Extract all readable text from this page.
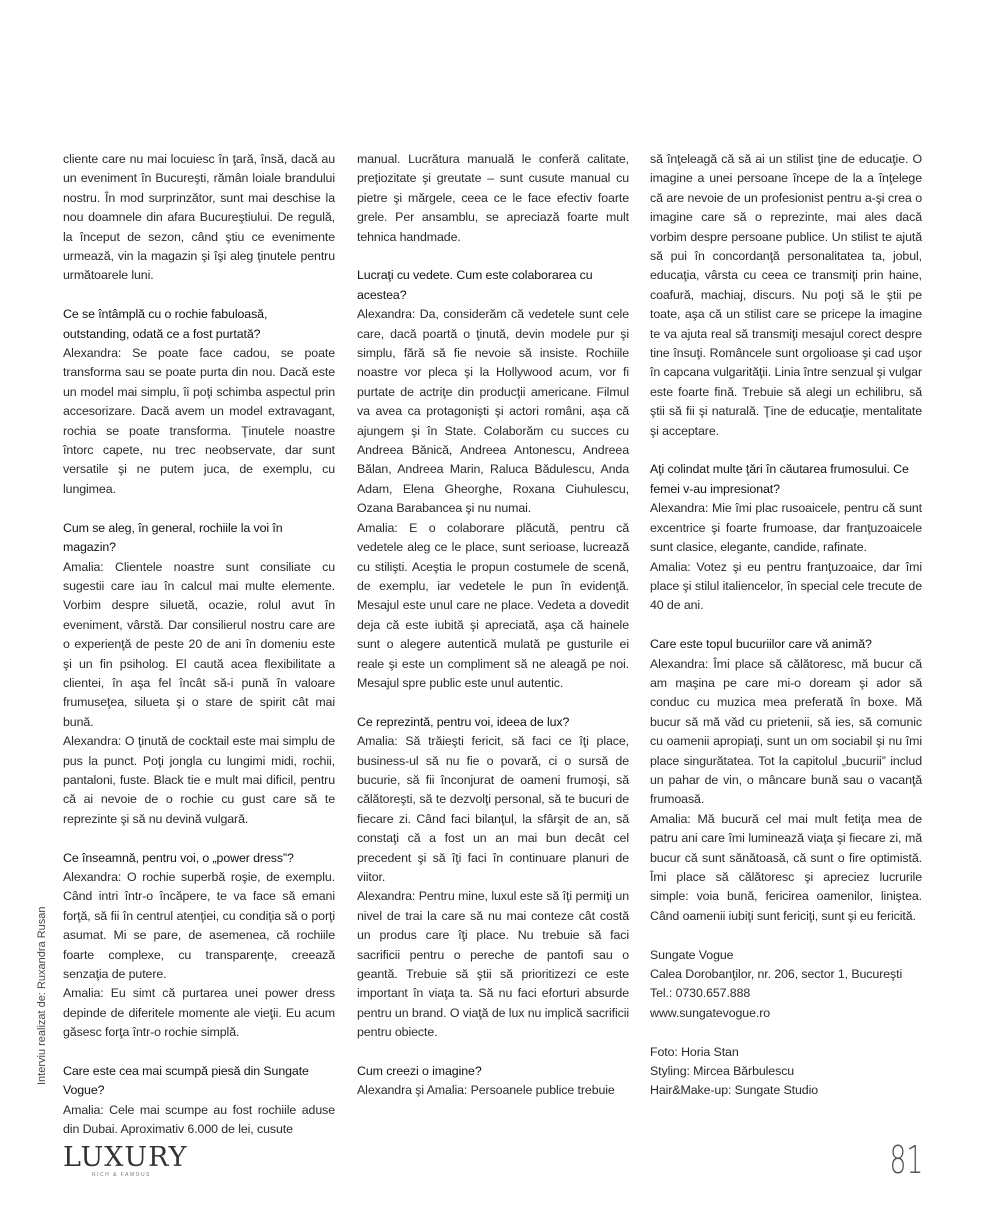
cliente care nu mai locuiesc în ţară, însă, dacă au un eveniment în Bucureşti, rămân loiale brandului nostru. În mod surprinzător, sunt mai deschise la nou doamnele din afara Bucureştiului. De regulă, la început de sezon, când ştiu ce evenimente urmează, vin la magazin şi îşi aleg ţinutele pentru următoarele luni.

Ce se întâmplă cu o rochie fabuloasă, outstanding, odată ce a fost purtată?

Alexandra: Se poate face cadou, se poate transforma sau se poate purta din nou. Dacă este un model mai simplu, îi poţi schimba aspectul prin accesorizare. Dacă avem un model extravagant, rochia se poate transforma. Ţinutele noastre întorc capete, nu trec neobservate, dar sunt versatile şi ne putem juca, de exemplu, cu lungimea.

Cum se aleg, în general, rochiile la voi în magazin?

Amalia: Clientele noastre sunt consiliate cu sugestii care iau în calcul mai multe elemente. Vorbim despre siluetă, ocazie, rolul avut în eveniment, vârstă. Dar consilierul nostru care are o experienţă de peste 20 de ani în domeniu este şi un fin psiholog. El caută acea flexibilitate a clientei, în aşa fel încât să-i pună în valoare frumuseţea, silueta şi o stare de spirit cât mai bună.

Alexandra: O ţinută de cocktail este mai simplu de pus la punct. Poţi jongla cu lungimi midi, rochii, pantaloni, fuste. Black tie e mult mai dificil, pentru că ai nevoie de o rochie cu gust care să te reprezinte şi să nu devină vulgară.

Ce înseamnă, pentru voi, o „power dress”?

Alexandra: O rochie superbă roşie, de exemplu. Când intri într-o încăpere, te va face să emani forţă, să fii în centrul atenţiei, cu condiţia să o porţi asumat. Mi se pare, de asemenea, că rochiile foarte complexe, cu transparenţe, creează senzaţia de putere.

Amalia: Eu simt că purtarea unei power dress depinde de diferitele momente ale vieţii. Eu acum găsesc forţa într-o rochie simplă.

Care este cea mai scumpă piesă din Sungate Vogue?

Amalia: Cele mai scumpe au fost rochiile aduse din Dubai. Aproximativ 6.000 de lei, cusute

manual. Lucrătura manuală le conferă calitate, preţiozitate şi greutate – sunt cusute manual cu pietre şi mărgele, ceea ce le face efectiv foarte grele. Per ansamblu, se apreciază foarte mult tehnica handmade.

Lucraţi cu vedete. Cum este colaborarea cu acestea?

Alexandra: Da, considerăm că vedetele sunt cele care, dacă poartă o ţinută, devin modele pur şi simplu, fără să fie nevoie să insiste. Rochiile noastre vor pleca şi la Hollywood acum, vor fi purtate de actriţe din producţii americane. Filmul va avea ca protagonişti şi actori români, aşa că ajungem şi în State. Colaborăm cu succes cu Andreea Bănică, Andreea Antonescu, Andreea Bălan, Andreea Marin, Raluca Bădulescu, Anda Adam, Elena Gheorghe, Roxana Ciuhulescu, Ozana Barabancea şi nu numai.

Amalia: E o colaborare plăcută, pentru că vedetele aleg ce le place, sunt serioase, lucrează cu stilişti. Aceştia le propun costumele de scenă, de exemplu, iar vedetele le pun în evidenţă. Mesajul este unul care ne place. Vedeta a dovedit deja că este iubită şi apreciată, aşa că hainele sunt o alegere autentică mulată pe gusturile ei reale şi este un compliment să ne aleagă pe noi. Mesajul spre public este unul autentic.

Ce reprezintă, pentru voi, ideea de lux?

Amalia: Să trăieşti fericit, să faci ce îţi place, business-ul să nu fie o povară, ci o sursă de bucurie, să fii înconjurat de oameni frumoşi, să călătoreşti, să te dezvolţi personal, să te bucuri de fiecare zi. Când faci bilanţul, la sfârşit de an, să constaţi că a fost un an mai bun decât cel precedent şi să îţi faci în continuare planuri de viitor.

Alexandra: Pentru mine, luxul este să îţi permiţi un nivel de trai la care să nu mai conteze cât costă un produs care îţi place. Nu trebuie să faci sacrificii pentru o pereche de pantofi sau o geantă. Trebuie să ştii să prioritizezi ce este important în viaţa ta. Să nu faci eforturi absurde pentru un brand. O viaţă de lux nu implică sacrificii pentru obiecte.

Cum creezi o imagine?

Alexandra şi Amalia: Persoanele publice trebuie

să înţeleagă că să ai un stilist ţine de educaţie. O imagine a unei persoane începe de la a înţelege că are nevoie de un profesionist pentru a-şi crea o imagine care să o reprezinte, mai ales dacă vorbim despre persoane publice. Un stilist te ajută să pui în concordanţă personalitatea ta, jobul, educaţia, vârsta cu ceea ce transmiţi prin haine, coafură, machiaj, discurs. Nu poţi să le ştii pe toate, aşa că un stilist care se pricepe la imagine te va ajuta real să transmiţi mesajul corect despre tine însuţi. Româncele sunt orgolioase şi cad uşor în capcana vulgarităţii. Linia între senzual şi vulgar este foarte fină. Trebuie să alegi un echilibru, să ştii să fii şi naturală. Ţine de educaţie, mentalitate şi acceptare.

Aţi colindat multe ţări în căutarea frumosului. Ce femei v-au impresionat?

Alexandra: Mie îmi plac rusoaicele, pentru că sunt excentrice şi foarte frumoase, dar franţuzoaicele sunt clasice, elegante, candide, rafinate.

Amalia: Votez şi eu pentru franţuzoaice, dar îmi place şi stilul italiencelor, în special cele trecute de 40 de ani.

Care este topul bucuriilor care vă animă?

Alexandra: Îmi place să călătoresc, mă bucur că am maşina pe care mi-o doream şi ador să conduc cu muzica mea preferată în boxe. Mă bucur să mă văd cu prietenii, să ies, să comunic cu oamenii apropiaţi, sunt un om sociabil şi nu îmi place singurătatea. Tot la capitolul „bucurii” includ un pahar de vin, o mâncare bună sau o vacanţă frumoasă.

Amalia: Mă bucură cel mai mult fetiţa mea de patru ani care îmi luminează viaţa şi fiecare zi, mă bucur că sunt sănătoasă, că sunt o fire optimistă. Îmi place să călătoresc şi apreciez lucrurile simple: voia bună, fericirea oamenilor, liniştea. Când oamenii iubiţi sunt fericiţi, sunt şi eu fericită.

Sungate Vogue
Calea Dorobanţilor, nr. 206, sector 1, Bucureşti
Tel.: 0730.657.888
www.sungatevogue.ro

Foto: Horia Stan
Styling: Mircea Bărbulescu
Hair&Make-up: Sungate Studio

Interviu realizat de: Ruxandra Rusan
LUXURY
RICH & FAMOUS	81
